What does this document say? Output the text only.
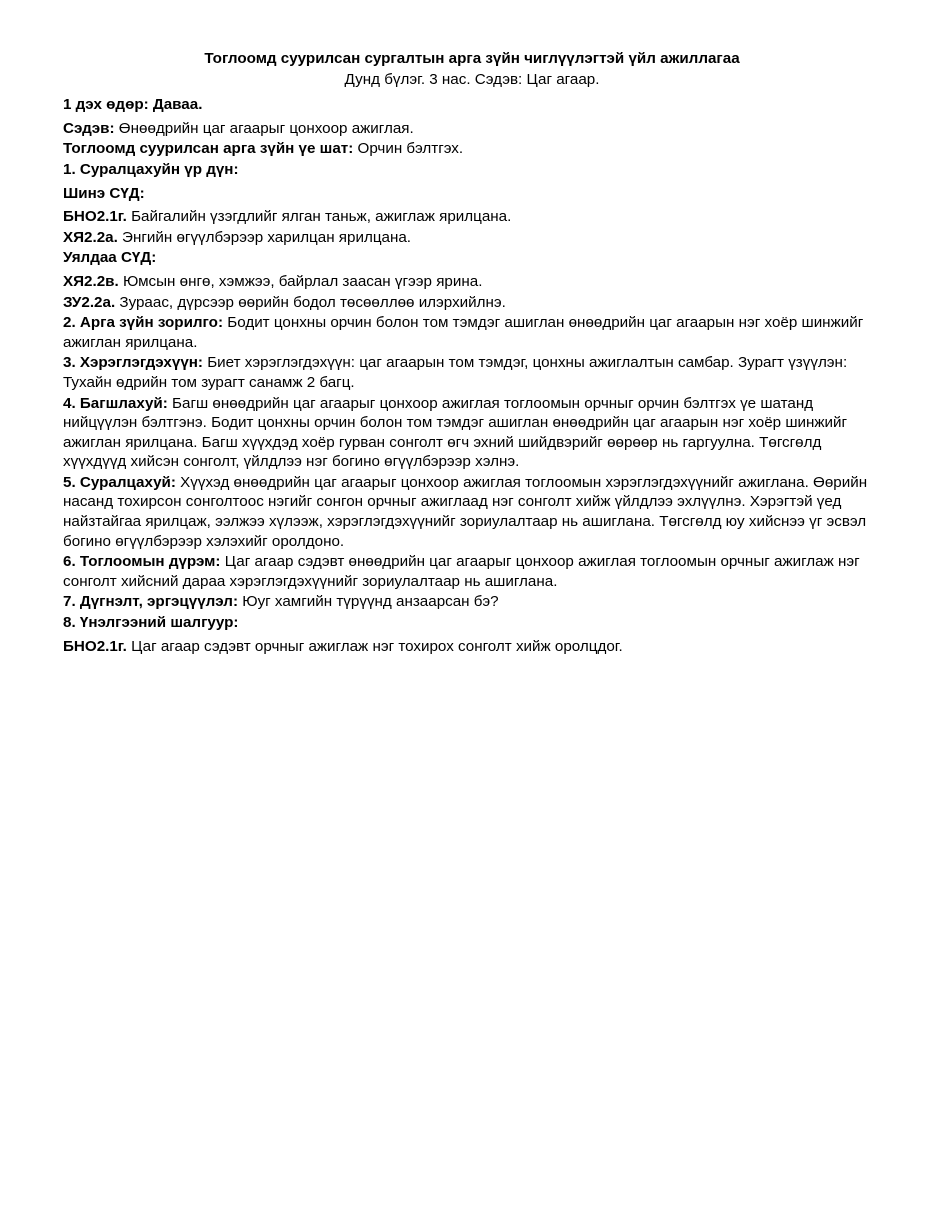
Тоглоомд суурилсан сургалтын арга зүйн чиглүүлэгтэй үйл ажиллагаа
Дунд бүлэг. 3 нас. Сэдэв: Цаг агаар.
1 дэх өдөр: Даваа.
Сэдэв: Өнөөдрийн цаг агаарыг цонхоор ажиглая.
Тоглоомд суурилсан арга зүйн үе шат: Орчин бэлтгэх.
1. Суралцахуйн үр дүн:
Шинэ СҮД:
БНО2.1г. Байгалийн үзэгдлийг ялган таньж, ажиглаж ярилцана.
ХЯ2.2а. Энгийн өгүүлбэрээр харилцан ярилцана.
Уялдаа СҮД:
ХЯ2.2в. Юмсын өнгө, хэмжээ, байрлал заасан үгээр ярина.
ЗУ2.2а. Зураас, дүрсээр өөрийн бодол төсөөллөө илэрхийлнэ.
2. Арга зүйн зорилго: Бодит цонхны орчин болон том тэмдэг ашиглан өнөөдрийн цаг агаарын нэг хоёр шинжийг ажиглан ярилцана.
3. Хэрэглэгдэхүүн: Биет хэрэглэгдэхүүн: цаг агаарын том тэмдэг, цонхны ажиглалтын самбар. Зурагт үзүүлэн: Тухайн өдрийн том зурагт санамж 2 багц.
4. Багшлахуй: Багш өнөөдрийн цаг агаарыг цонхоор ажиглая тоглоомын орчныг орчин бэлтгэх үе шатанд нийцүүлэн бэлтгэнэ. Бодит цонхны орчин болон том тэмдэг ашиглан өнөөдрийн цаг агаарын нэг хоёр шинжийг ажиглан ярилцана. Багш хүүхдэд хоёр гурван сонголт өгч эхний шийдвэрийг өөрөөр нь гаргуулна. Төгсгөлд хүүхдүүд хийсэн сонголт, үйлдлээ нэг богино өгүүлбэрээр хэлнэ.
5. Суралцахуй: Хүүхэд өнөөдрийн цаг агаарыг цонхоор ажиглая тоглоомын хэрэглэгдэхүүнийг ажиглана. Өөрийн насанд тохирсон сонголтоос нэгийг сонгон орчныг ажиглаад нэг сонголт хийж үйлдлээ эхлүүлнэ. Хэрэгтэй үед найзтайгаа ярилцаж, ээлжээ хүлээж, хэрэглэгдэхүүнийг зориулалтаар нь ашиглана. Төгсгөлд юу хийснээ үг эсвэл богино өгүүлбэрээр хэлэхийг оролдоно.
6. Тоглоомын дүрэм: Цаг агаар сэдэвт өнөөдрийн цаг агаарыг цонхоор ажиглая тоглоомын орчныг ажиглаж нэг сонголт хийсний дараа хэрэглэгдэхүүнийг зориулалтаар нь ашиглана.
7. Дүгнэлт, эргэцүүлэл: Юуг хамгийн түрүүнд анзаарсан бэ?
8. Үнэлгээний шалгуур:
БНО2.1г. Цаг агаар сэдэвт орчныг ажиглаж нэг тохирох сонголт хийж оролцдог.
